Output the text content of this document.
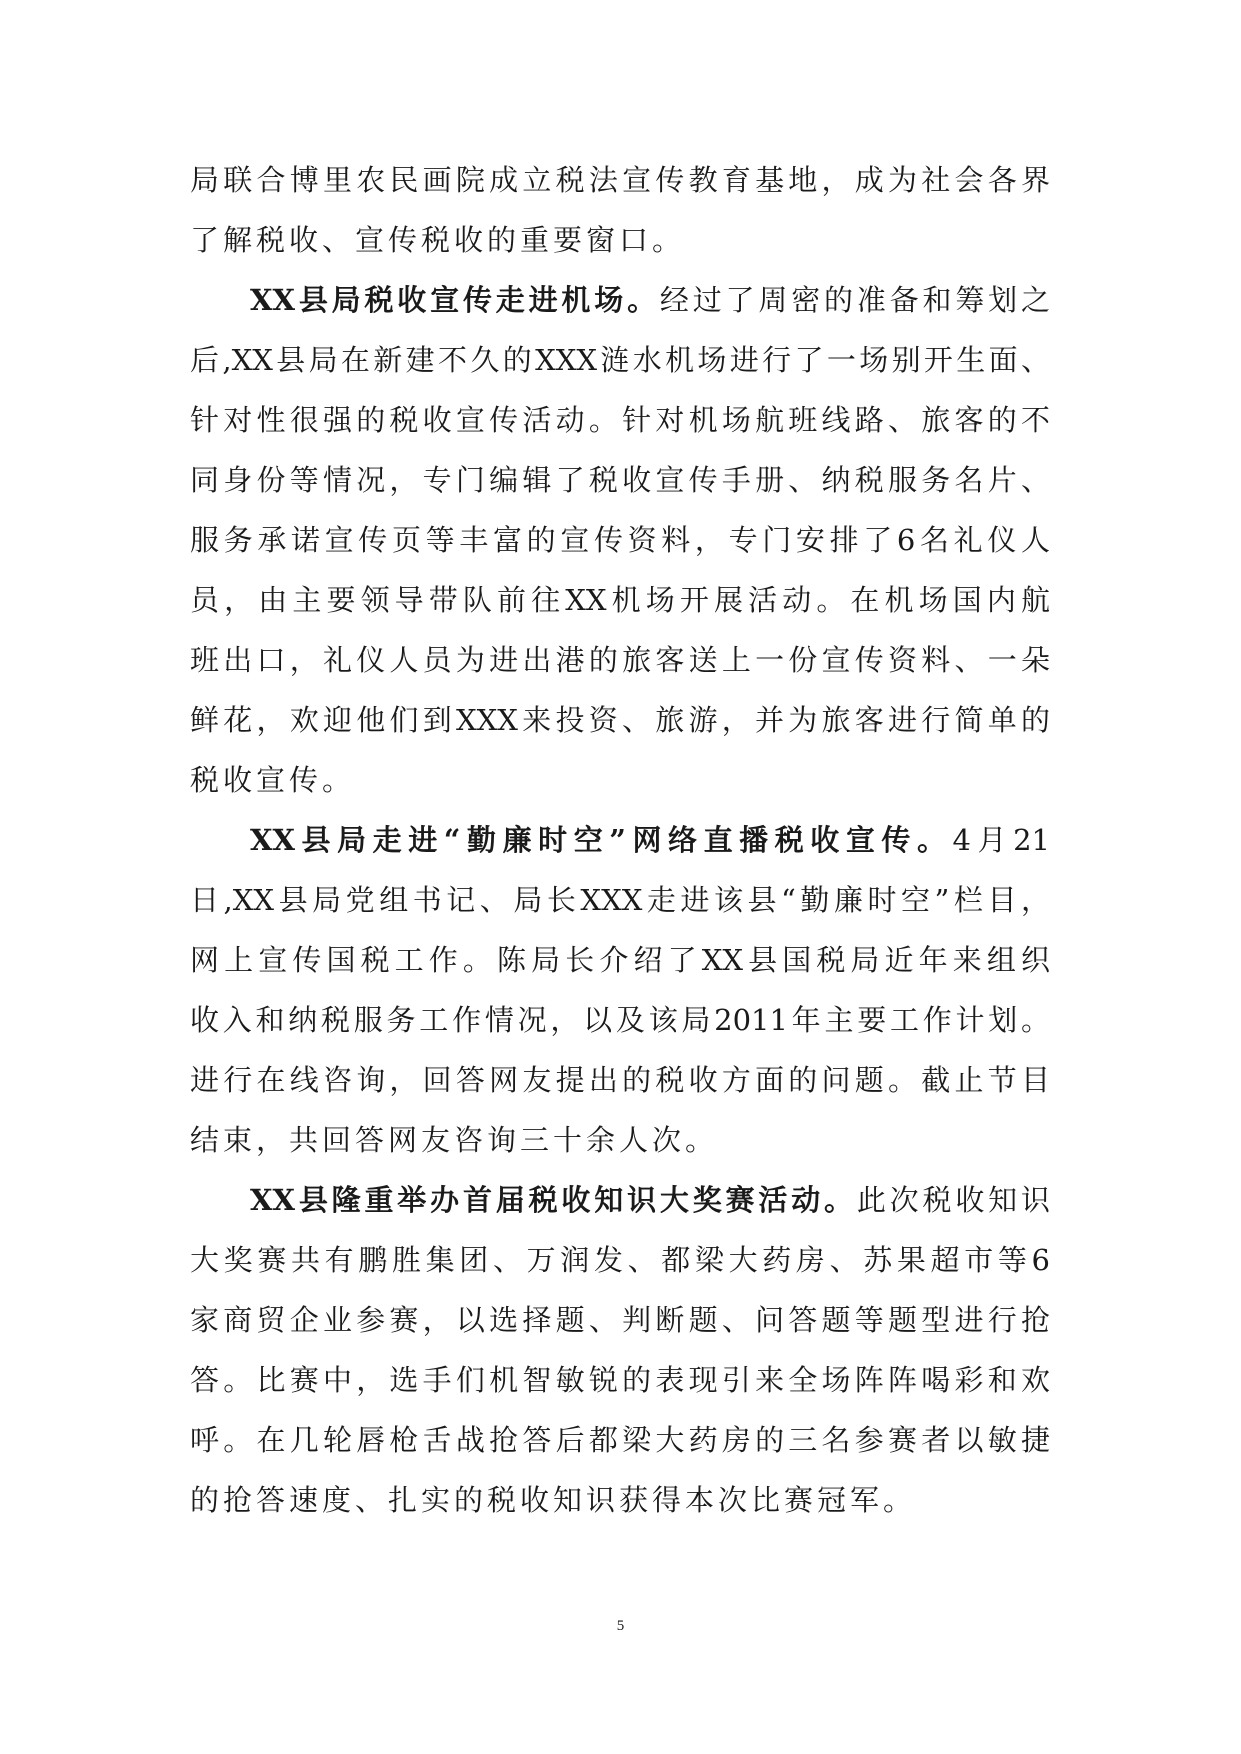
局联合博里农民画院成立税法宣传教育基地，成为社会各界
了解税收、宣传税收的重要窗口。
XX县局税收宣传走进机场。经过了周密的准备和筹划之
后,XX县局在新建不久的XXX涟水机场进行了一场别开生面、
针对性很强的税收宣传活动。针对机场航班线路、旅客的不
同身份等情况，专门编辑了税收宣传手册、纳税服务名片、
服务承诺宣传页等丰富的宣传资料，专门安排了6名礼仪人
员，由主要领导带队前往XX机场开展活动。在机场国内航
班出口，礼仪人员为进出港的旅客送上一份宣传资料、一朵
鲜花，欢迎他们到XXX来投资、旅游，并为旅客进行简单的
税收宣传。
XX县局走进“勤廉时空”网络直播税收宣传。4月21
日,XX县局党组书记、局长XXX走进该县“勤廉时空”栏目，
网上宣传国税工作。陈局长介绍了XX县国税局近年来组织
收入和纳税服务工作情况，以及该局2011年主要工作计划。
进行在线咨询，回答网友提出的税收方面的问题。截止节目
结束，共回答网友咨询三十余人次。
XX县隆重举办首届税收知识大奖赛活动。此次税收知识
大奖赛共有鹏胜集团、万润发、都梁大药房、苏果超市等6
家商贸企业参赛，以选择题、判断题、问答题等题型进行抢
答。比赛中，选手们机智敏锐的表现引来全场阵阵喝彩和欢
呼。在几轮唇枪舌战抢答后都梁大药房的三名参赛者以敏捷
的抢答速度、扎实的税收知识获得本次比赛冠军。
5
